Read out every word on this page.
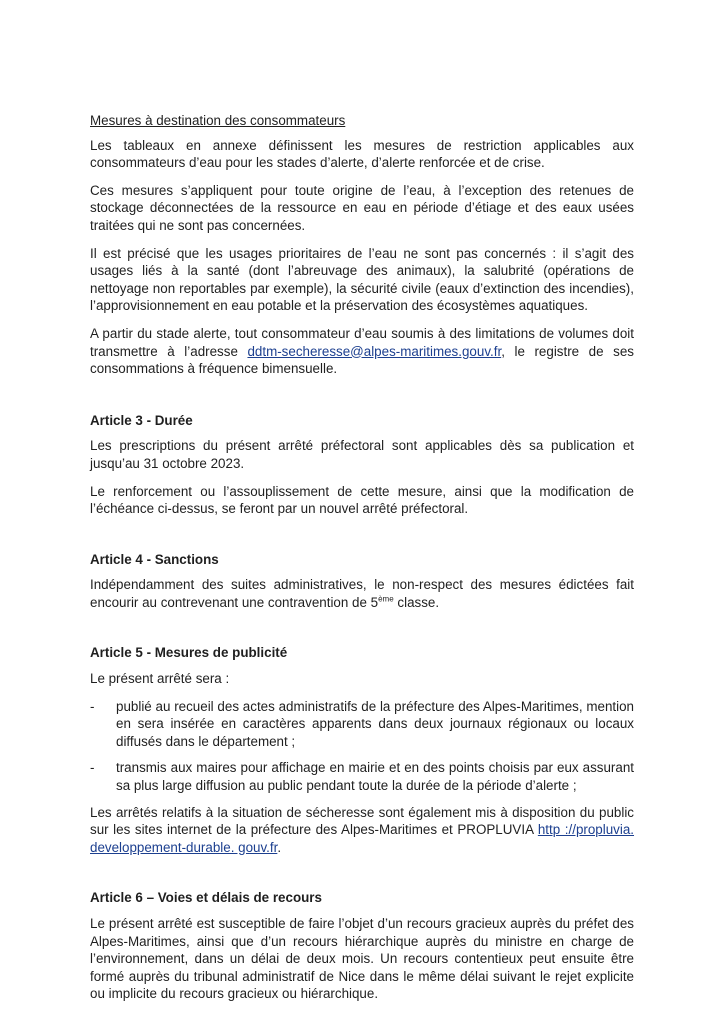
Mesures à destination des consommateurs

Les tableaux en annexe définissent les mesures de restriction applicables aux consommateurs d’eau pour les stades d’alerte, d’alerte renforcée et de crise.

Ces mesures s’appliquent pour toute origine de l’eau, à l’exception des retenues de stockage déconnectées de la ressource en eau en période d’étiage et des eaux usées traitées qui ne sont pas concernées.

Il est précisé que les usages prioritaires de l’eau ne sont pas concernés : il s’agit des usages liés à la santé (dont l’abreuvage des animaux), la salubrité (opérations de nettoyage non reportables par exemple), la sécurité civile (eaux d’extinction des incendies), l’approvisionnement en eau potable et la préservation des écosystèmes aquatiques.

A partir du stade alerte, tout consommateur d’eau soumis à des limitations de volumes doit transmettre à l’adresse ddtm-secheresse@alpes-maritimes.gouv.fr, le registre de ses consommations à fréquence bimensuelle.

Article 3 - Durée

Les prescriptions du présent arrêté préfectoral sont applicables dès sa publication et jusqu’au 31 octobre 2023.

Le renforcement ou l’assouplissement de cette mesure, ainsi que la modification de l’échéance ci-dessus, se feront par un nouvel arrêté préfectoral.

Article 4 - Sanctions

Indépendamment des suites administratives, le non-respect des mesures édictées fait encourir au contrevenant une contravention de 5ème classe.

Article 5 - Mesures de publicité

Le présent arrêté sera :

- publié au recueil des actes administratifs de la préfecture des Alpes-Maritimes, mention en sera insérée en caractères apparents dans deux journaux régionaux ou locaux diffusés dans le département ;

- transmis aux maires pour affichage en mairie et en des points choisis par eux assurant sa plus large diffusion au public pendant toute la durée de la période d’alerte ;

Les arrêtés relatifs à la situation de sécheresse sont également mis à disposition du public sur les sites internet de la préfecture des Alpes-Maritimes et PROPLUVIA http ://propluvia. developpement-durable. gouv.fr.

Article 6 – Voies et délais de recours

Le présent arrêté est susceptible de faire l’objet d’un recours gracieux auprès du préfet des Alpes-Maritimes, ainsi que d’un recours hiérarchique auprès du ministre en charge de l’environnement, dans un délai de deux mois. Un recours contentieux peut ensuite être formé auprès du tribunal administratif de Nice dans le même délai suivant le rejet explicite ou implicite du recours gracieux ou hiérarchique.
